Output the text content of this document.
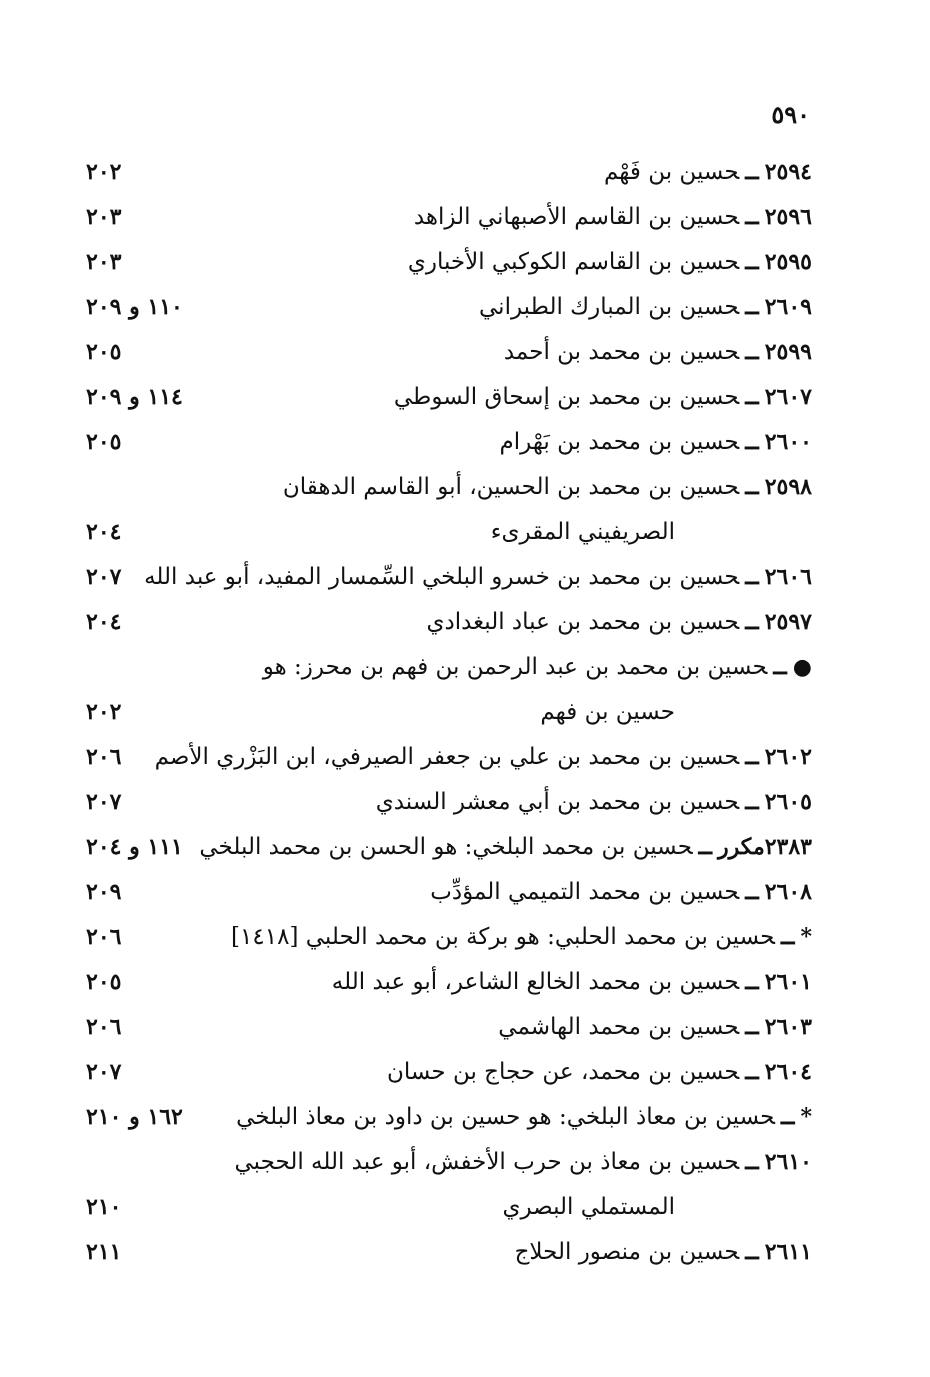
٥٩٠
٢٥٩٤ــحسين بن فَهْم
٢٠٢
٢٥٩٦ــحسين بن القاسم الأصبهاني الزاهد
٢٠٣
٢٥٩٥ــحسين بن القاسم الكوكبي الأخباري
٢٠٣
٢٦٠٩ــحسين بن المبارك الطبراني
١١٠ و ٢٠٩
٢٥٩٩ــحسين بن محمد بن أحمد
٢٠٥
٢٦٠٧ــحسين بن محمد بن إسحاق السوطي
١١٤ و ٢٠٩
٢٦٠٠ــحسين بن محمد بن بَهْرام
٢٠٥
٢٥٩٨ــحسين بن محمد بن الحسين، أبو القاسم الدهقان
الصريفيني المقرىء
٢٠٤
٢٦٠٦ــحسين بن محمد بن خسرو البلخي السِّمسار المفيد، أبو عبد الله
٢٠٧
٢٥٩٧ــحسين بن محمد بن عباد البغدادي
٢٠٤
●ــحسين بن محمد بن عبد الرحمن بن فهم بن محرز: هو
حسين بن فهم
٢٠٢
٢٦٠٢ــحسين بن محمد بن علي بن جعفر الصيرفي، ابن البَزْري الأصم
٢٠٦
٢٦٠٥ــحسين بن محمد بن أبي معشر السندي
٢٠٧
٢٣٨٣مكررــحسين بن محمد البلخي: هو الحسن بن محمد البلخي
١١١ و ٢٠٤
٢٦٠٨ــحسين بن محمد التميمي المؤدِّب
٢٠٩
*ــحسين بن محمد الحلبي: هو بركة بن محمد الحلبي [١٤١٨]
٢٠٦
٢٦٠١ــحسين بن محمد الخالع الشاعر، أبو عبد الله
٢٠٥
٢٦٠٣ــحسين بن محمد الهاشمي
٢٠٦
٢٦٠٤ــحسين بن محمد، عن حجاج بن حسان
٢٠٧
*ــحسين بن معاذ البلخي: هو حسين بن داود بن معاذ البلخي
١٦٢ و ٢١٠
٢٦١٠ــحسين بن معاذ بن حرب الأخفش، أبو عبد الله الحجبي
المستملي البصري
٢١٠
٢٦١١ــحسين بن منصور الحلاج
٢١١
